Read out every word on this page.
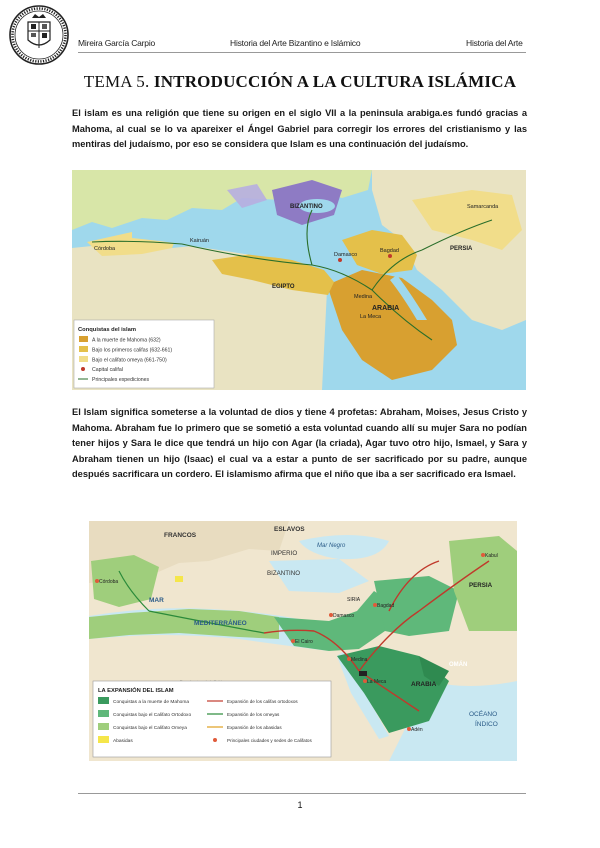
Mireira García Carpio	Historia del Arte Bizantino e Islámico	Historia del Arte
TEMA 5. INTRODUCCIÓN A LA CULTURA ISLÁMICA
El islam es una religión que tiene su origen en el siglo VII a la peninsula arabiga.es fundó gracias a Mahoma, al cual se lo va apareixer el Ángel Gabriel para corregir los errores del cristianismo y las mentiras del judaísmo, por eso se considera que Islam es una continuación del judaísmo.
BIZANTINO
PERSIA
ARABIA
EGIPTO
Damasco
Bagdad
Medina
La Meca
Córdoba
Kairuán
Samarcanda
Conquistas del islam
A la muerte de Mahoma (632)
Bajo los primeros califas (632-661)
Bajo el califato omeya (661-750)
Capital califal
Principales expediciones
El Islam significa someterse a la voluntad de dios y tiene 4 profetas: Abraham, Moises, Jesus Cristo y Mahoma. Abraham fue lo primero que se sometió a esta voluntad cuando allí su mujer Sara no podían tener hijos y Sara le dice que tendrá un hijo con Agar (la criada), Agar tuvo otro hijo, Ismael, y Sara y Abraham tienen un hijo (Isaac) el cual va a estar a punto de ser sacrificado por su padre, aunque después sacrificara un cordero. El islamismo afirma que el niño que iba a ser sacrificado era Ismael.
FRANCOS
ESLAVOS
IMPERIO
BIZANTINO
Mar Negro
MAR
MEDITERRÁNEO
ARABIA
PERSIA
OMÁN
OCÉANO
ÍNDICO
Damasco
Bagdad
El Cairo
Medina
La Meca
Córdoba
Kabul
SIRIA
Adén
LA EXPANSIÓN DEL ISLAM
Conquistas a la muerte de Mahoma
Conquistas bajo el Califato Ortodoxo
Conquistas bajo el Califato Omeya
Abasidas
Expansión de los califas ortodoxos
Expansión de los omeyas
Expansión de los abasidas
Principales ciudades y sedes de Califatos
1
